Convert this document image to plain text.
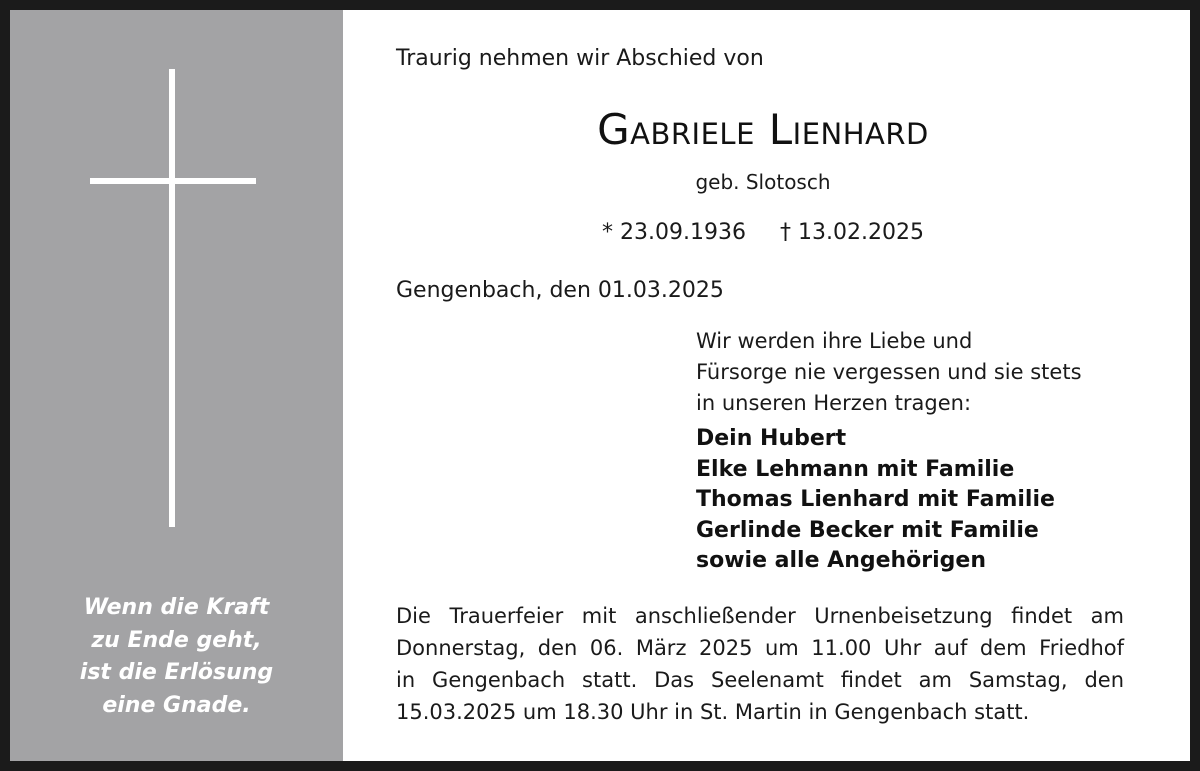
Wenn die Kraft
zu Ende geht,
ist die Erlösung
eine Gnade.
Traurig nehmen wir Abschied von
Gabriele Lienhard
geb. Slotosch
* 23.09.1936 † 13.02.2025
Gengenbach, den 01.03.2025
Wir werden ihre Liebe und
Fürsorge nie vergessen und sie stets
in unseren Herzen tragen:
Dein Hubert
Elke Lehmann mit Familie
Thomas Lienhard mit Familie
Gerlinde Becker mit Familie
sowie alle Angehörigen
Die Trauerfeier mit anschließender Urnenbeisetzung findet am
Donnerstag, den 06. März 2025 um 11.00 Uhr auf dem Friedhof
in Gengenbach statt. Das Seelenamt findet am Samstag, den
15.03.2025 um 18.30 Uhr in St. Martin in Gengenbach statt.
